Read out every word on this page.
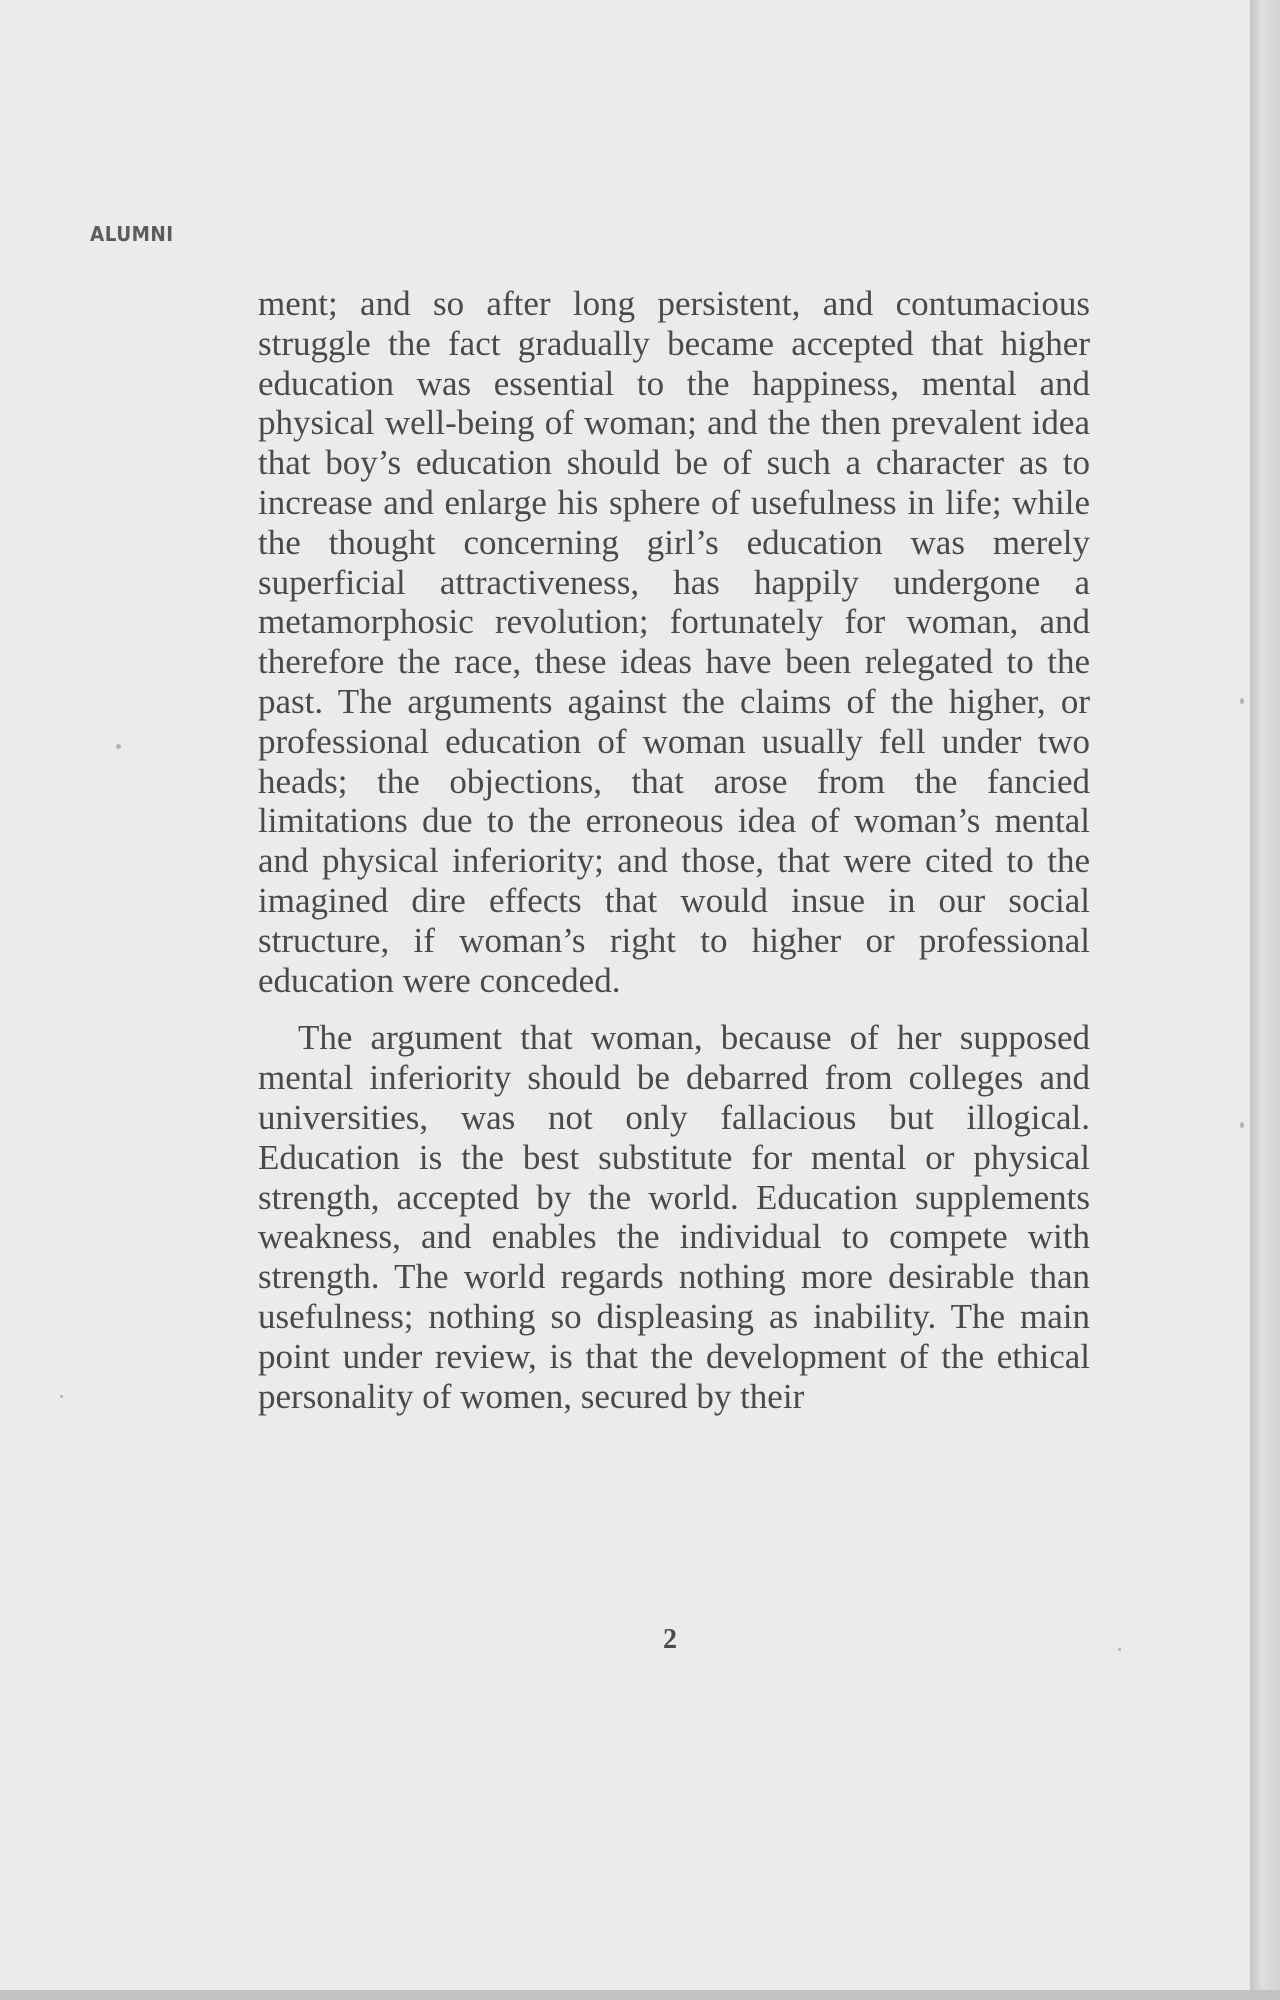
ALUMNI

ment; and so after long persistent, and contumacious struggle the fact gradually became accepted that higher education was essential to the happiness, mental and physical well-being of woman; and the then prevalent idea that boy’s education should be of such a character as to increase and enlarge his sphere of usefulness in life; while the thought concerning girl’s education was merely superficial attractiveness, has happily undergone a metamorphosic revolution; fortunately for woman, and therefore the race, these ideas have been relegated to the past. The arguments against the claims of the higher, or professional education of woman usually fell under two heads; the objections, that arose from the fancied limitations due to the erroneous idea of woman’s mental and physical inferiority; and those, that were cited to the imagined dire effects that would insue in our social structure, if woman’s right to higher or professional education were conceded.

The argument that woman, because of her supposed mental inferiority should be debarred from colleges and universities, was not only fallacious but illogical. Education is the best substitute for mental or physical strength, accepted by the world. Education supplements weakness, and enables the individual to compete with strength. The world regards nothing more desirable than usefulness; nothing so displeasing as inability. The main point under review, is that the development of the ethical personality of women, secured by their

2
